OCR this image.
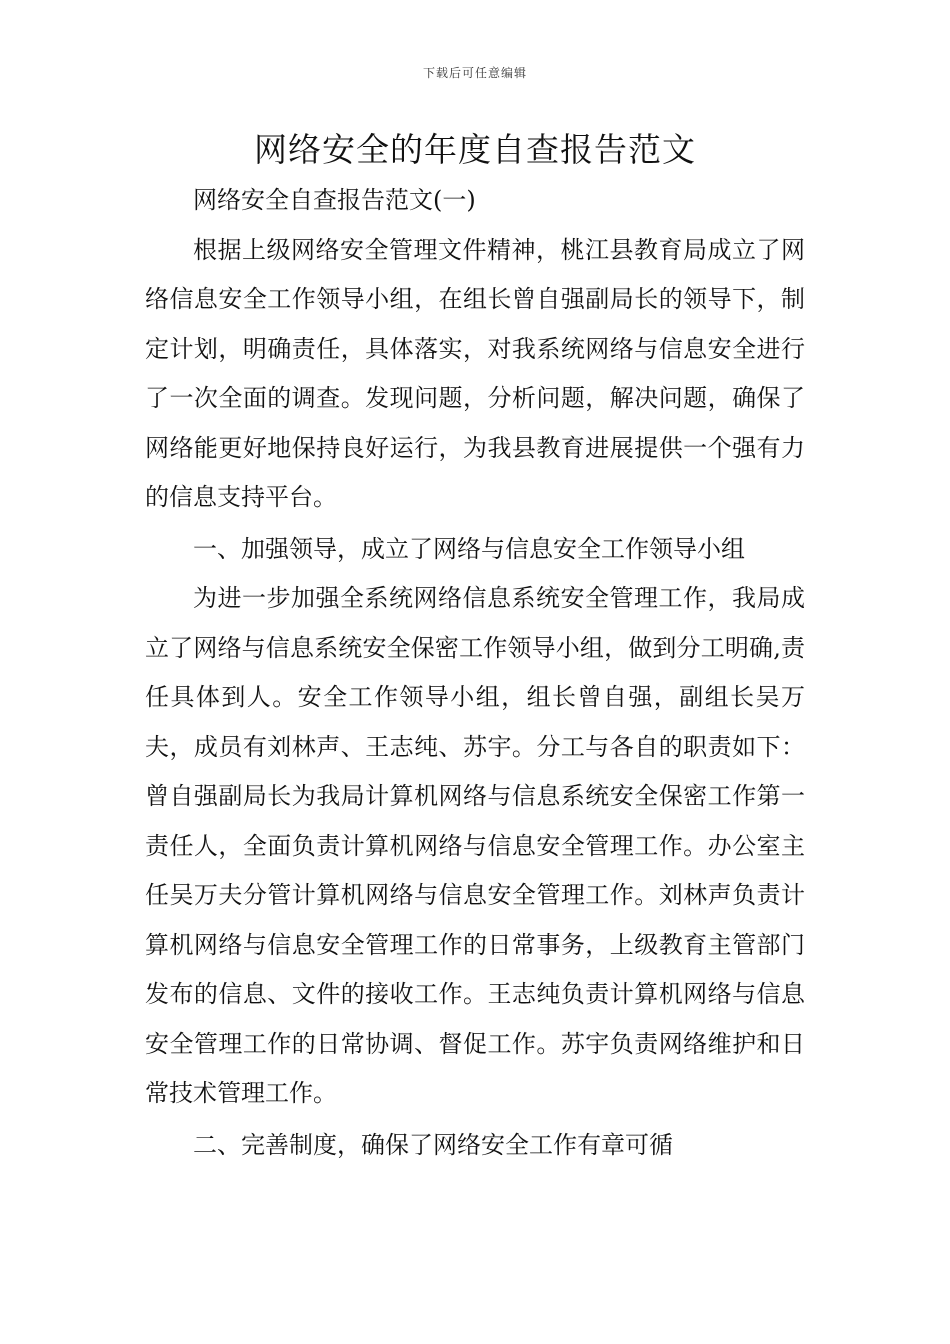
下载后可任意编辑
网络安全的年度自查报告范文

网络安全自查报告范文(一)

根据上级网络安全管理文件精神，桃江县教育局成立了网络信息安全工作领导小组，在组长曾自强副局长的领导下，制定计划，明确责任，具体落实，对我系统网络与信息安全进行了一次全面的调查。发现问题，分析问题，解决问题，确保了网络能更好地保持良好运行，为我县教育进展提供一个强有力的信息支持平台。

一、加强领导，成立了网络与信息安全工作领导小组

为进一步加强全系统网络信息系统安全管理工作，我局成立了网络与信息系统安全保密工作领导小组，做到分工明确,责任具体到人。安全工作领导小组，组长曾自强，副组长吴万夫，成员有刘林声、王志纯、苏宇。分工与各自的职责如下：曾自强副局长为我局计算机网络与信息系统安全保密工作第一责任人，全面负责计算机网络与信息安全管理工作。办公室主任吴万夫分管计算机网络与信息安全管理工作。刘林声负责计算机网络与信息安全管理工作的日常事务，上级教育主管部门发布的信息、文件的接收工作。王志纯负责计算机网络与信息安全管理工作的日常协调、督促工作。苏宇负责网络维护和日常技术管理工作。

二、完善制度，确保了网络安全工作有章可循
